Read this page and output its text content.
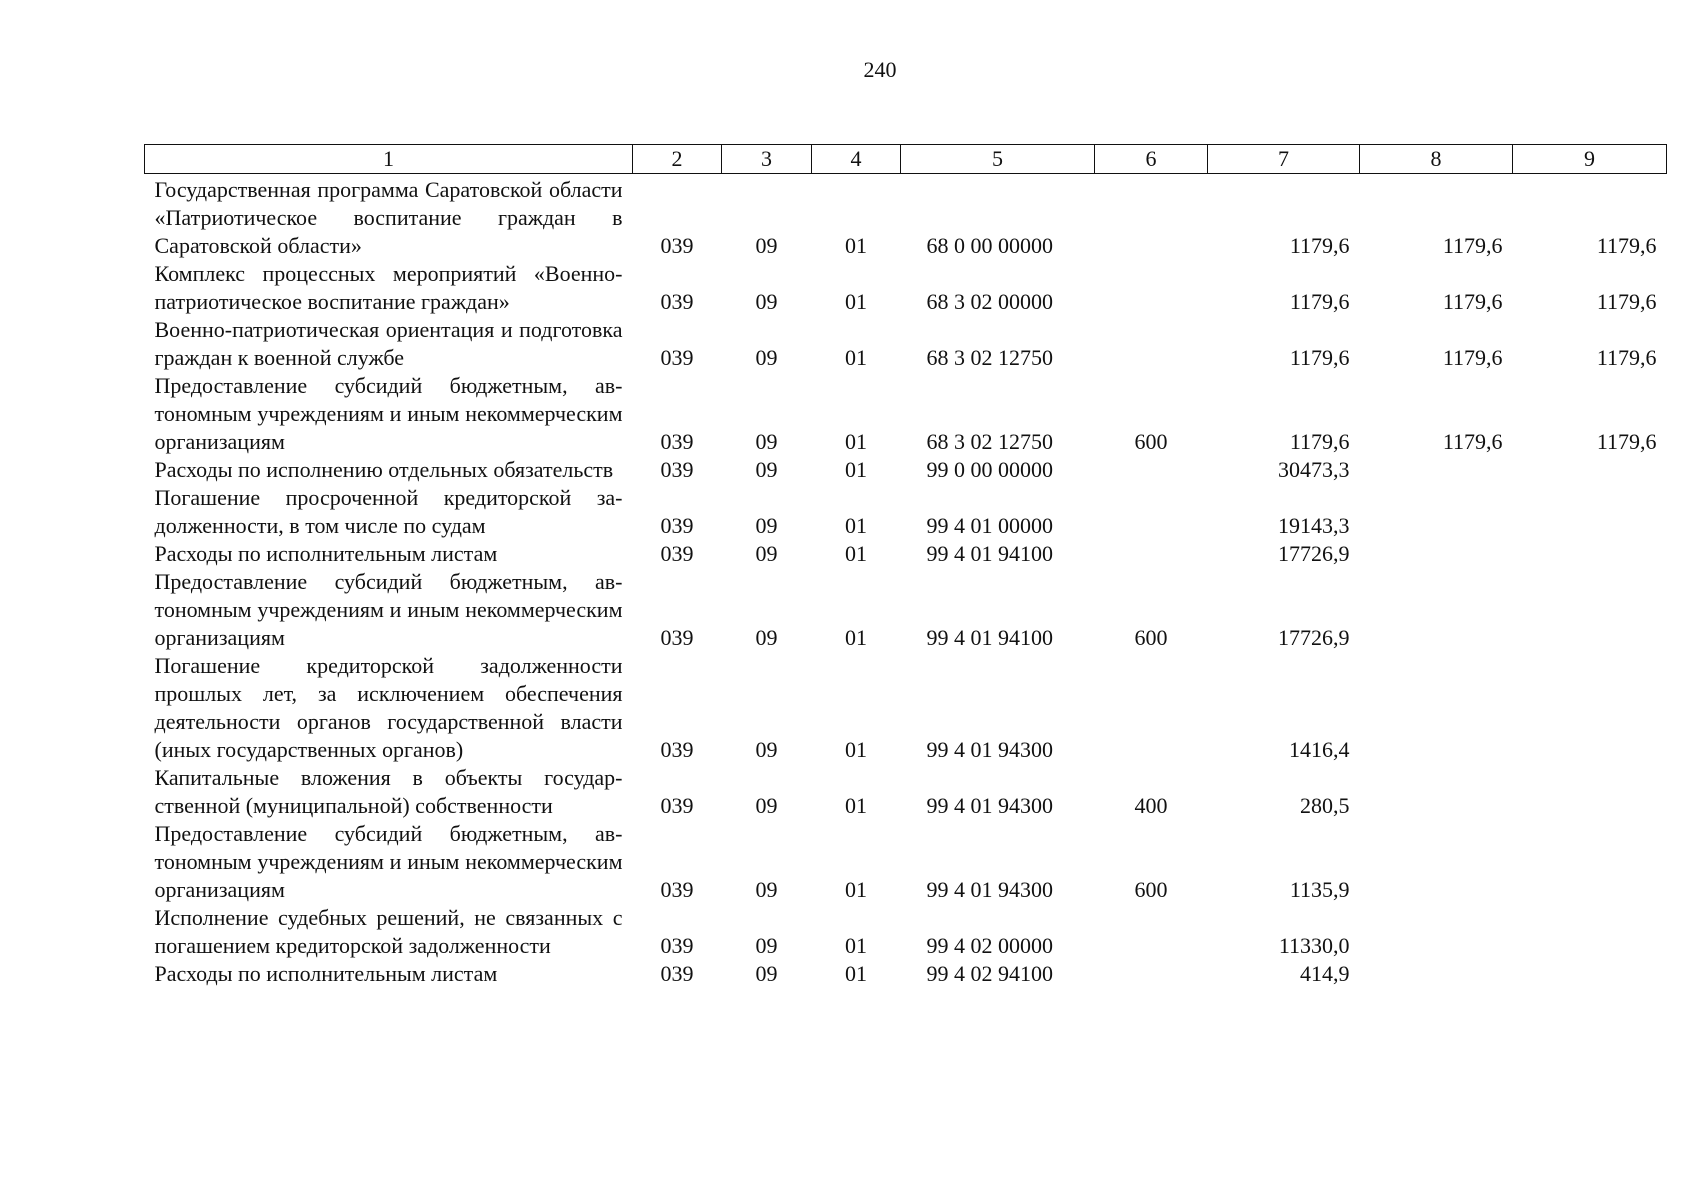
240
1	2	3	4	5	6	7	8	9
Государственная программа Саратовской области «Патриотическое воспитание граждан в Саратовской области»	039	09	01	68 0 00 00000		1179,6	1179,6	1179,6
Комплекс процессных мероприятий «Военно-патриотическое воспитание граждан»	039	09	01	68 3 02 00000		1179,6	1179,6	1179,6
Военно-патриотическая ориентация и подготовка граждан к военной службе	039	09	01	68 3 02 12750		1179,6	1179,6	1179,6
Предоставление субсидий бюджетным, автономным учреждениям и иным некоммерческим организациям	039	09	01	68 3 02 12750	600	1179,6	1179,6	1179,6
Расходы по исполнению отдельных обязательств	039	09	01	99 0 00 00000		30473,3		
Погашение просроченной кредиторской задолженности, в том числе по судам	039	09	01	99 4 01 00000		19143,3		
Расходы по исполнительным листам	039	09	01	99 4 01 94100		17726,9		
Предоставление субсидий бюджетным, автономным учреждениям и иным некоммерческим организациям	039	09	01	99 4 01 94100	600	17726,9		
Погашение кредиторской задолженности прошлых лет, за исключением обеспечения деятельности органов государственной власти (иных государственных органов)	039	09	01	99 4 01 94300		1416,4		
Капитальные вложения в объекты государственной (муниципальной) собственности	039	09	01	99 4 01 94300	400	280,5		
Предоставление субсидий бюджетным, автономным учреждениям и иным некоммерческим организациям	039	09	01	99 4 01 94300	600	1135,9		
Исполнение судебных решений, не связанных с погашением кредиторской задолженности	039	09	01	99 4 02 00000		11330,0		
Расходы по исполнительным листам	039	09	01	99 4 02 94100		414,9		
